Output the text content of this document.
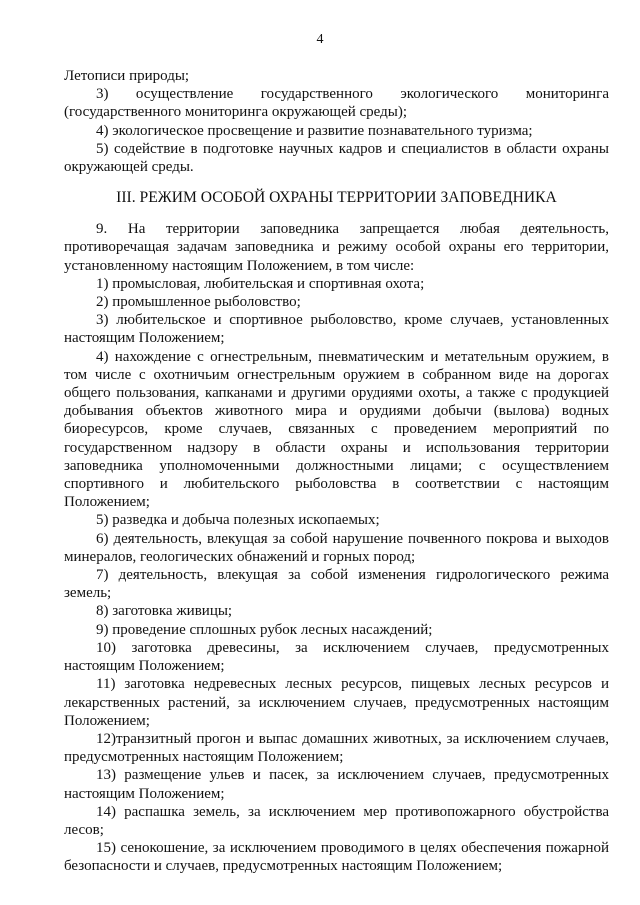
4

Летописи природы;

3) осуществление государственного экологического мониторинга (государственного мониторинга окружающей среды);

4) экологическое просвещение и развитие познавательного туризма;

5) содействие в подготовке научных кадров и специалистов в области охраны окружающей среды.

III. РЕЖИМ ОСОБОЙ ОХРАНЫ ТЕРРИТОРИИ ЗАПОВЕДНИКА

9. На территории заповедника запрещается любая деятельность, противоречащая задачам заповедника и режиму особой охраны его территории, установленному настоящим Положением, в том числе:

1) промысловая, любительская и спортивная охота;

2) промышленное рыболовство;

3) любительское и спортивное рыболовство, кроме случаев, установленных настоящим Положением;

4) нахождение с огнестрельным, пневматическим и метательным оружием, в том числе с охотничьим огнестрельным оружием в собранном виде на дорогах общего пользования, капканами и другими орудиями охоты, а также с продукцией добывания объектов животного мира и орудиями добычи (вылова) водных биоресурсов, кроме случаев, связанных с проведением мероприятий по государственном надзору в области охраны и использования территории заповедника уполномоченными должностными лицами; с осуществлением спортивного и любительского рыболовства в соответствии с настоящим Положением;

5) разведка и добыча полезных ископаемых;

6) деятельность, влекущая за собой нарушение почвенного покрова и выходов минералов, геологических обнажений и горных пород;

7) деятельность, влекущая за собой изменения гидрологического режима земель;

8) заготовка живицы;

9) проведение сплошных рубок лесных насаждений;

10) заготовка древесины, за исключением случаев, предусмотренных настоящим Положением;

11) заготовка недревесных лесных ресурсов, пищевых лесных ресурсов и лекарственных растений, за исключением случаев, предусмотренных настоящим Положением;

12)транзитный прогон и выпас домашних животных, за исключением случаев, предусмотренных настоящим Положением;

13) размещение ульев и пасек, за исключением случаев, предусмотренных настоящим Положением;

14) распашка земель, за исключением мер противопожарного обустройства лесов;

15) сенокошение, за исключением проводимого в целях обеспечения пожарной безопасности и случаев, предусмотренных настоящим Положением;
